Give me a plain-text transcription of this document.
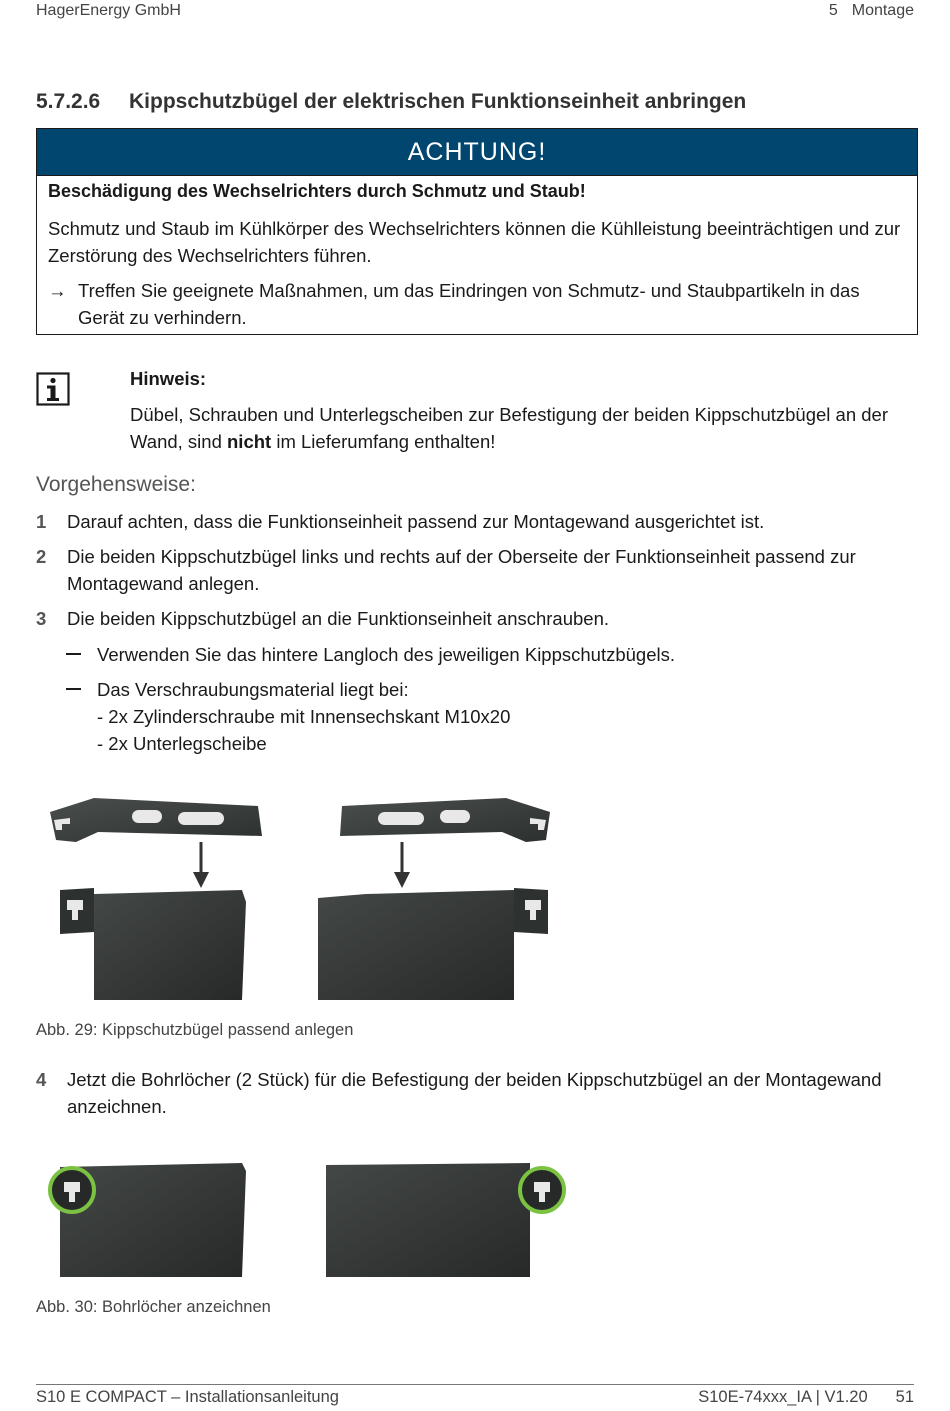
HagerEnergy GmbH	5 Montage
5.7.2.6 Kippschutzbügel der elektrischen Funktionseinheit anbringen
ACHTUNG!
Beschädigung des Wechselrichters durch Schmutz und Staub!
Schmutz und Staub im Kühlkörper des Wechselrichters können die Kühlleistung beeinträchtigen und zur Zerstörung des Wechselrichters führen.
→ Treffen Sie geeignete Maßnahmen, um das Eindringen von Schmutz- und Staubpartikeln in das Gerät zu verhindern.
Hinweis:
Dübel, Schrauben und Unterlegscheiben zur Befestigung der beiden Kippschutzbügel an der Wand, sind nicht im Lieferumfang enthalten!
Vorgehensweise:
1 Darauf achten, dass die Funktionseinheit passend zur Montagewand ausgerichtet ist.
2 Die beiden Kippschutzbügel links und rechts auf der Oberseite der Funktionseinheit passend zur Montagewand anlegen.
3 Die beiden Kippschutzbügel an die Funktionseinheit anschrauben.
Verwenden Sie das hintere Langloch des jeweiligen Kippschutzbügels.
Das Verschraubungsmaterial liegt bei:
- 2x Zylinderschraube mit Innensechskant M10x20
- 2x Unterlegscheibe
Abb. 29: Kippschutzbügel passend anlegen
4 Jetzt die Bohrlöcher (2 Stück) für die Befestigung der beiden Kippschutzbügel an der Montagewand anzeichnen.
Abb. 30: Bohrlöcher anzeichnen
S10 E COMPACT – Installationsanleitung	S10E-74xxx_IA | V1.20 51
